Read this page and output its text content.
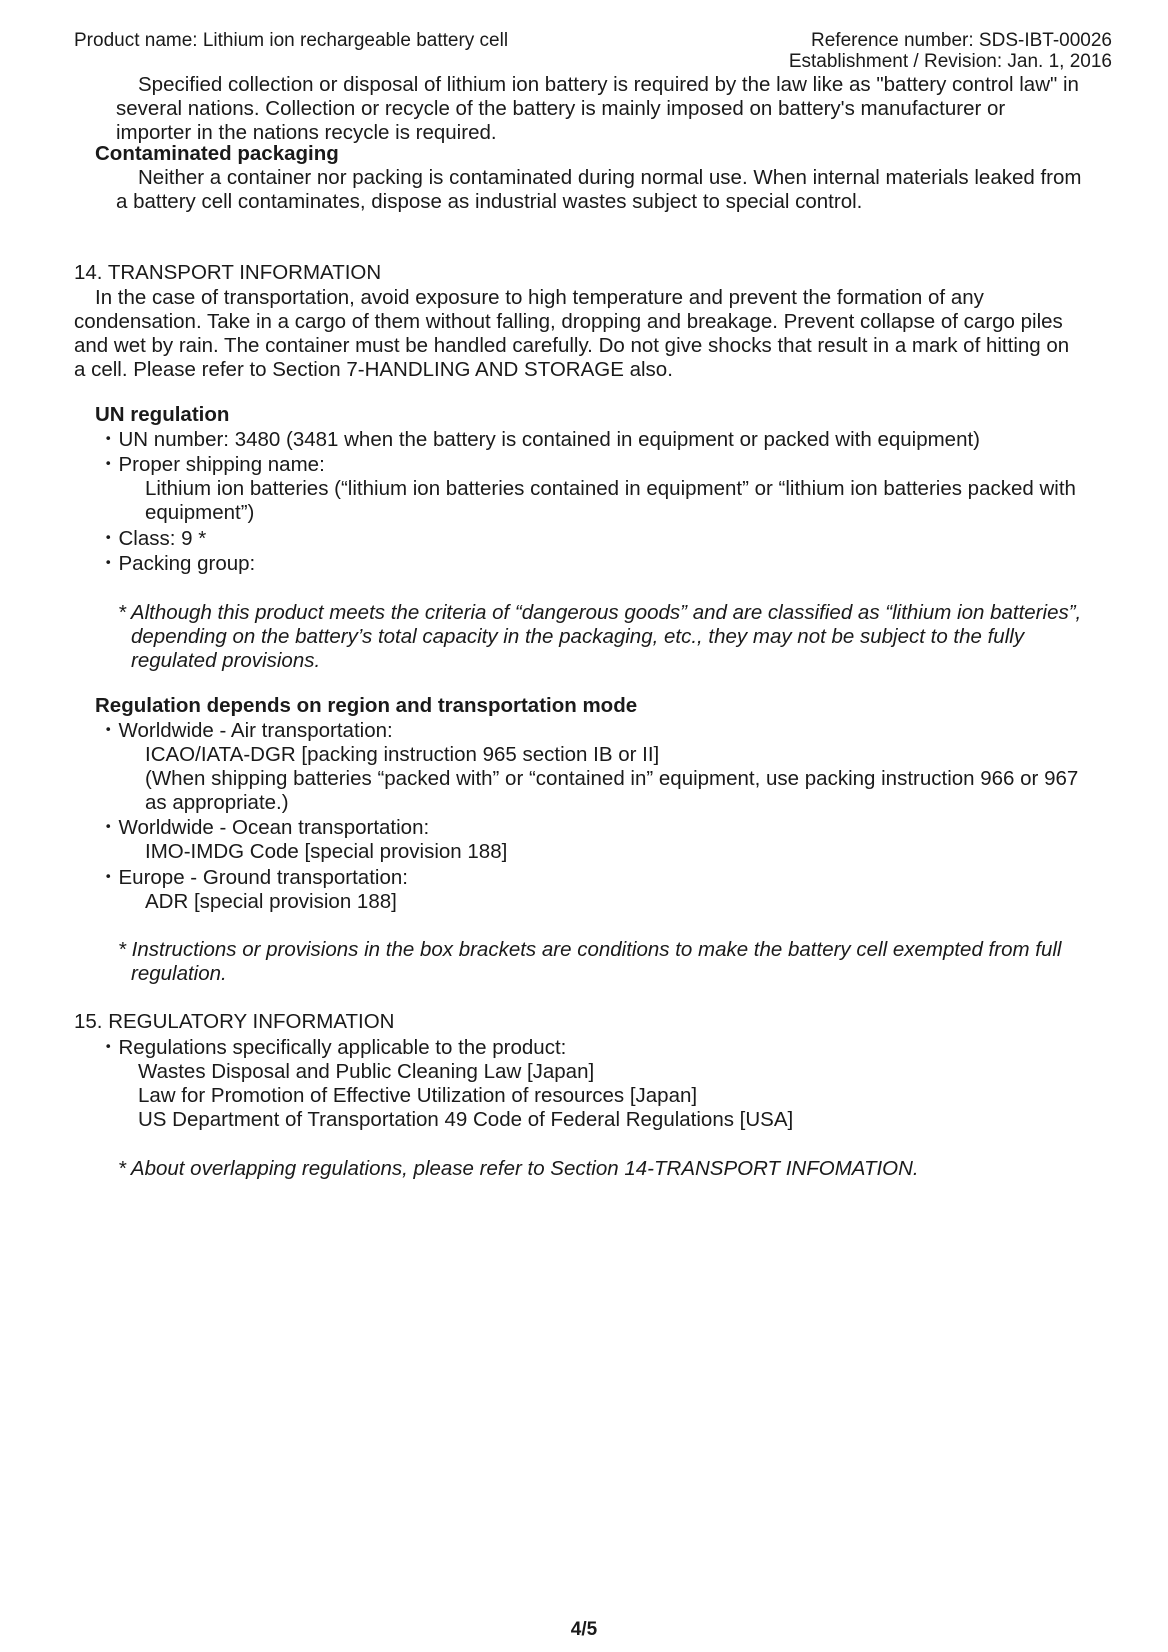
Product name: Lithium ion rechargeable battery cell	Reference number: SDS-IBT-00026
Establishment / Revision: Jan. 1, 2016
Specified collection or disposal of lithium ion battery is required by the law like as "battery control law" in
several nations. Collection or recycle of the battery is mainly imposed on battery's manufacturer or
importer in the nations recycle is required.
Contaminated packaging
Neither a container nor packing is contaminated during normal use. When internal materials leaked from
a battery cell contaminates, dispose as industrial wastes subject to special control.
14. TRANSPORT INFORMATION
In the case of transportation, avoid exposure to high temperature and prevent the formation of any
condensation. Take in a cargo of them without falling, dropping and breakage. Prevent collapse of cargo piles
and wet by rain. The container must be handled carefully. Do not give shocks that result in a mark of hitting on
a cell. Please refer to Section 7-HANDLING AND STORAGE also.
UN regulation
・UN number: 3480 (3481 when the battery is contained in equipment or packed with equipment)
・Proper shipping name:
Lithium ion batteries (“lithium ion batteries contained in equipment” or “lithium ion batteries packed with
equipment”)
・Class: 9 *
・Packing group:
* Although this product meets the criteria of “dangerous goods” and are classified as “lithium ion batteries”,
depending on the battery’s total capacity in the packaging, etc., they may not be subject to the fully
regulated provisions.
Regulation depends on region and transportation mode
・Worldwide - Air transportation:
ICAO/IATA-DGR [packing instruction 965 section IB or II]
(When shipping batteries “packed with” or “contained in” equipment, use packing instruction 966 or 967
as appropriate.)
・Worldwide - Ocean transportation:
IMO-IMDG Code [special provision 188]
・Europe - Ground transportation:
ADR [special provision 188]
* Instructions or provisions in the box brackets are conditions to make the battery cell exempted from full
regulation.
15. REGULATORY INFORMATION
・Regulations specifically applicable to the product:
Wastes Disposal and Public Cleaning Law [Japan]
Law for Promotion of Effective Utilization of resources [Japan]
US Department of Transportation 49 Code of Federal Regulations [USA]
* About overlapping regulations, please refer to Section 14-TRANSPORT INFOMATION.
4/5
